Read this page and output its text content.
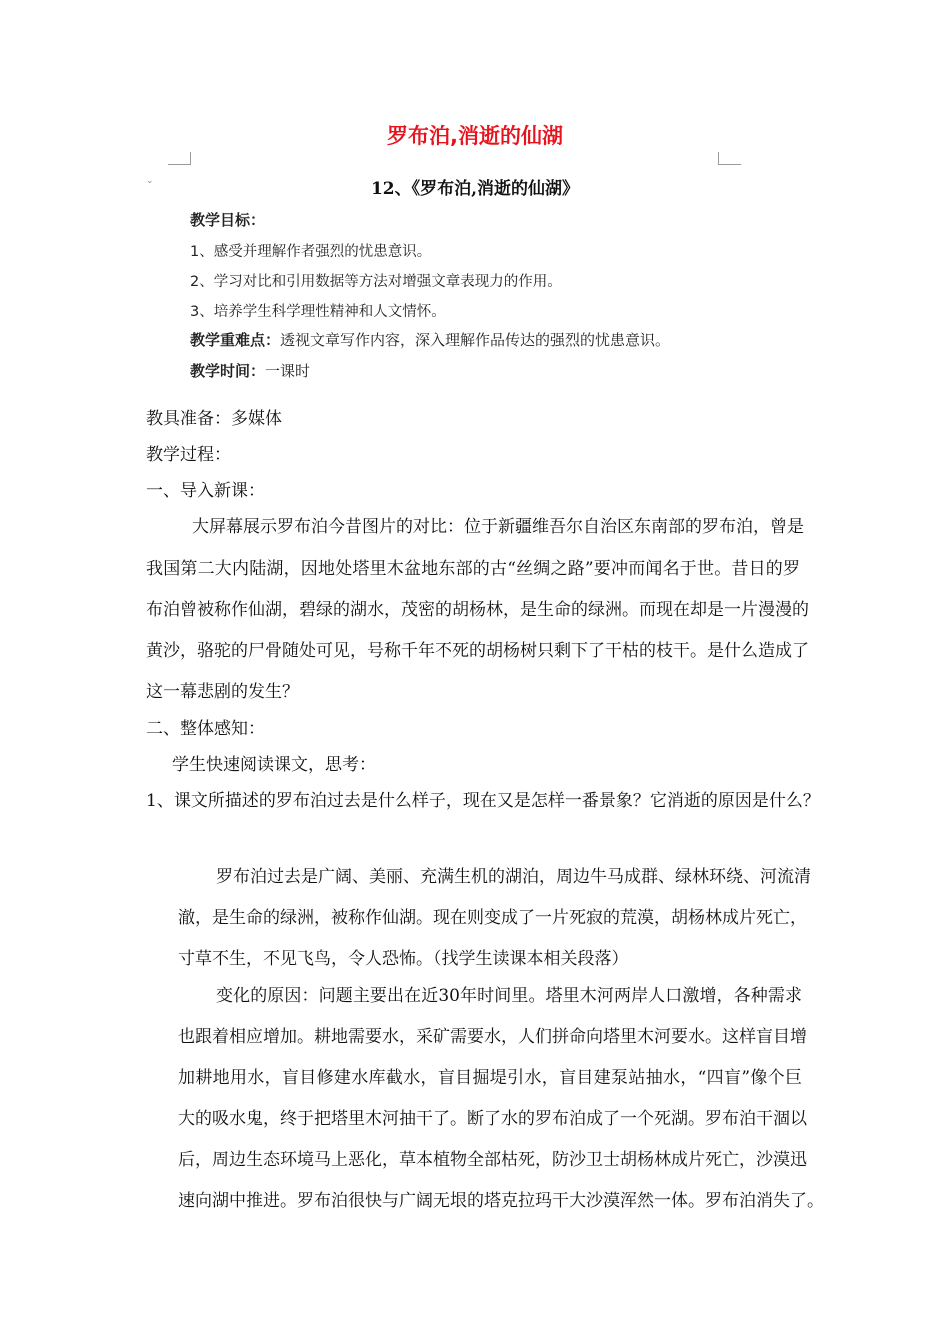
罗布泊,消逝的仙湖
⌄	12、《罗布泊,消逝的仙湖》
教学目标：
1、感受并理解作者强烈的忧患意识。
2、学习对比和引用数据等方法对增强文章表现力的作用。
3、培养学生科学理性精神和人文情怀。
教学重难点：透视文章写作内容，深入理解作品传达的强烈的忧患意识。
教学时间：一课时
教具准备：多媒体
教学过程：
一、导入新课：
大屏幕展示罗布泊今昔图片的对比：位于新疆维吾尔自治区东南部的罗布泊，曾是
我国第二大内陆湖，因地处塔里木盆地东部的古“丝绸之路”要冲而闻名于世。昔日的罗
布泊曾被称作仙湖，碧绿的湖水，茂密的胡杨林，是生命的绿洲。而现在却是一片漫漫的
黄沙，骆驼的尸骨随处可见，号称千年不死的胡杨树只剩下了干枯的枝干。是什么造成了
这一幕悲剧的发生？
二、整体感知：
学生快速阅读课文，思考：
1、课文所描述的罗布泊过去是什么样子，现在又是怎样一番景象？它消逝的原因是什么？
罗布泊过去是广阔、美丽、充满生机的湖泊，周边牛马成群、绿林环绕、河流清
澈，是生命的绿洲，被称作仙湖。现在则变成了一片死寂的荒漠，胡杨林成片死亡，
寸草不生，不见飞鸟，令人恐怖。（找学生读课本相关段落）
变化的原因：问题主要出在近30年时间里。塔里木河两岸人口激增，各种需求
也跟着相应增加。耕地需要水，采矿需要水，人们拼命向塔里木河要水。这样盲目增
加耕地用水，盲目修建水库截水，盲目掘堤引水，盲目建泵站抽水，“四盲”像个巨
大的吸水鬼，终于把塔里木河抽干了。断了水的罗布泊成了一个死湖。罗布泊干涸以
后，周边生态环境马上恶化，草本植物全部枯死，防沙卫士胡杨林成片死亡，沙漠迅
速向湖中推进。罗布泊很快与广阔无垠的塔克拉玛干大沙漠浑然一体。罗布泊消失了。
